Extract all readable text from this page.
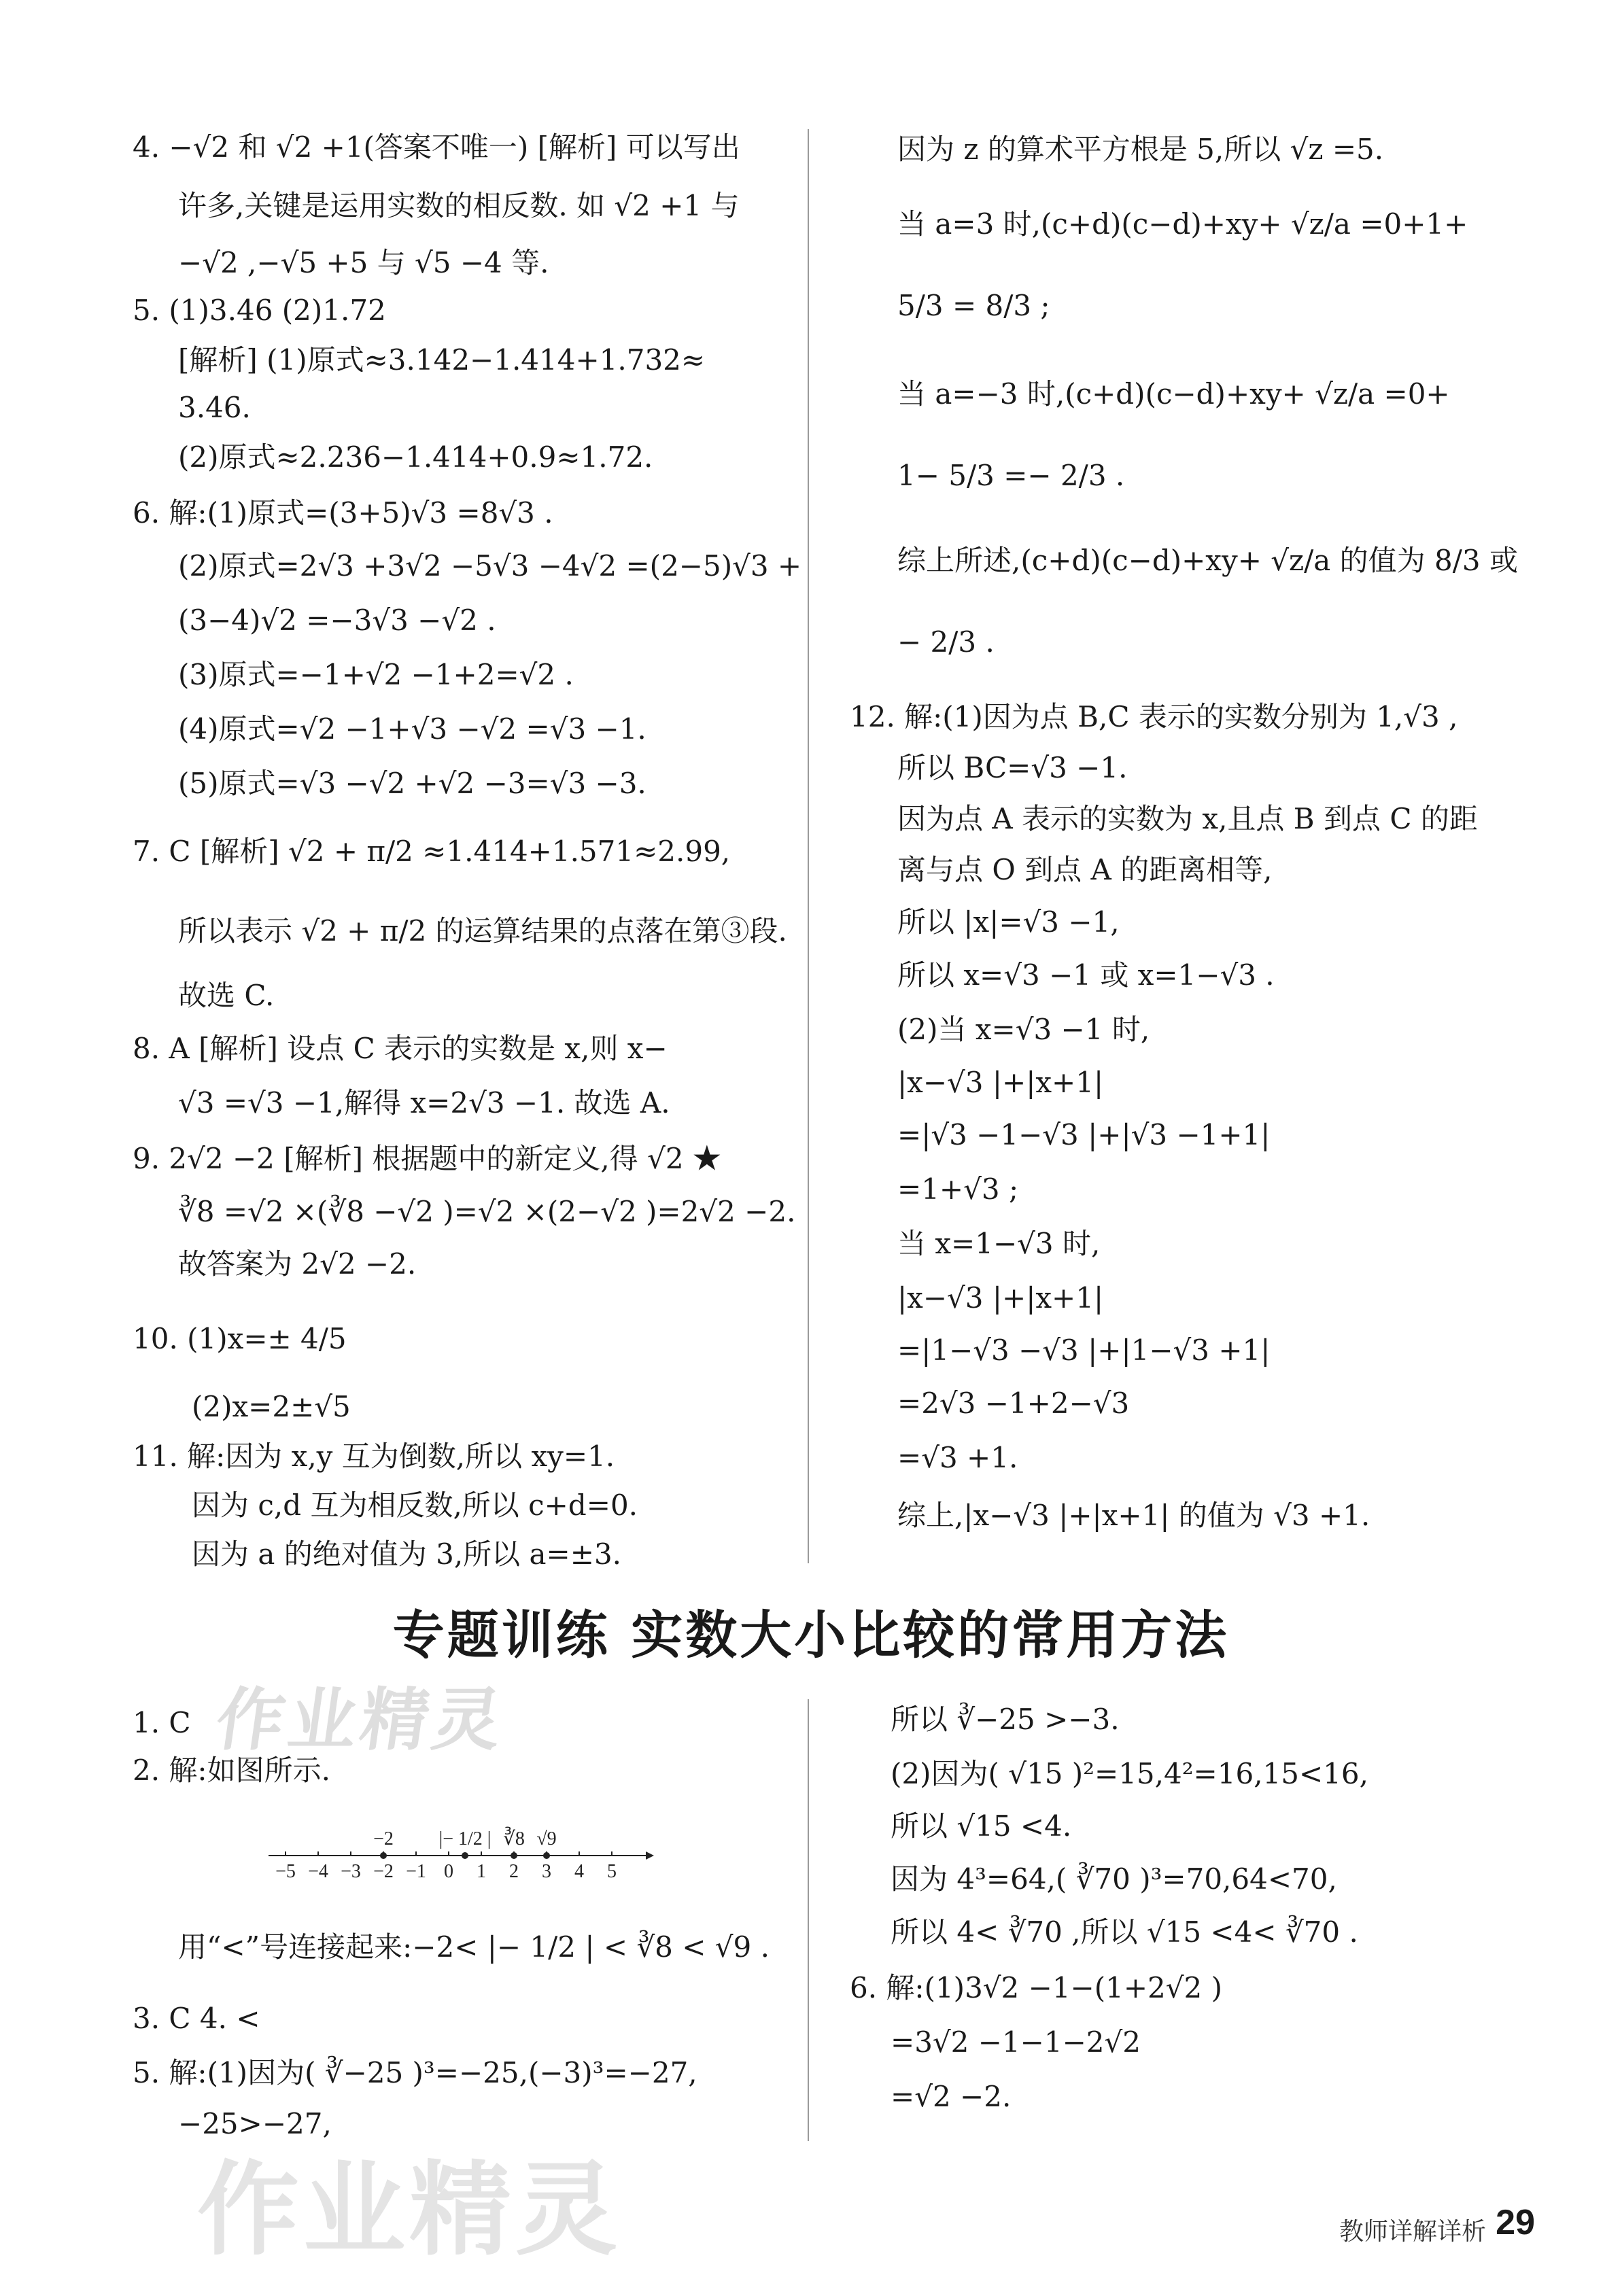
作业精灵
作业精灵
4. −√2 和 √2 +1(答案不唯一) [解析] 可以写出
许多,关键是运用实数的相反数. 如 √2 +1 与
−√2 ,−√5 +5 与 √5 −4 等.
5. (1)3.46 (2)1.72
[解析] (1)原式≈3.142−1.414+1.732≈
3.46.
(2)原式≈2.236−1.414+0.9≈1.72.
6. 解:(1)原式=(3+5)√3 =8√3 .
(2)原式=2√3 +3√2 −5√3 −4√2 =(2−5)√3 +
(3−4)√2 =−3√3 −√2 .
(3)原式=−1+√2 −1+2=√2 .
(4)原式=√2 −1+√3 −√2 =√3 −1.
(5)原式=√3 −√2 +√2 −3=√3 −3.
7. C [解析] √2 + π/2 ≈1.414+1.571≈2.99,
所以表示 √2 + π/2 的运算结果的点落在第③段.
故选 C.
8. A [解析] 设点 C 表示的实数是 x,则 x−
√3 =√3 −1,解得 x=2√3 −1. 故选 A.
9. 2√2 −2 [解析] 根据题中的新定义,得 √2 ★
∛8 =√2 ×(∛8 −√2 )=√2 ×(2−√2 )=2√2 −2.
故答案为 2√2 −2.
10. (1)x=± 4/5
(2)x=2±√5
11. 解:因为 x,y 互为倒数,所以 xy=1.
因为 c,d 互为相反数,所以 c+d=0.
因为 a 的绝对值为 3,所以 a=±3.
因为 z 的算术平方根是 5,所以 √z =5.
当 a=3 时,(c+d)(c−d)+xy+ √z/a =0+1+
5/3 = 8/3 ;
当 a=−3 时,(c+d)(c−d)+xy+ √z/a =0+
1− 5/3 =− 2/3 .
综上所述,(c+d)(c−d)+xy+ √z/a 的值为 8/3 或
− 2/3 .
12. 解:(1)因为点 B,C 表示的实数分别为 1,√3 ,
所以 BC=√3 −1.
因为点 A 表示的实数为 x,且点 B 到点 C 的距
离与点 O 到点 A 的距离相等,
所以 |x|=√3 −1,
所以 x=√3 −1 或 x=1−√3 .
(2)当 x=√3 −1 时,
|x−√3 |+|x+1|
=|√3 −1−√3 |+|√3 −1+1|
=1+√3 ;
当 x=1−√3 时,
|x−√3 |+|x+1|
=|1−√3 −√3 |+|1−√3 +1|
=2√3 −1+2−√3
=√3 +1.
综上,|x−√3 |+|x+1| 的值为 √3 +1.
专题训练 实数大小比较的常用方法
1. C
2. 解:如图所示.
用“<”号连接起来:−2< |− 1/2 | < ∛8 < √9 .
3. C 4. <
5. 解:(1)因为( ∛−25 )³=−25,(−3)³=−27,
−25>−27,
−5 −4 −3 −2 −1 0 1 2 3 4 5
−2 |− 1/2 | ∛8 √9
所以 ∛−25 >−3.
(2)因为( √15 )²=15,4²=16,15<16,
所以 √15 <4.
因为 4³=64,( ∛70 )³=70,64<70,
所以 4< ∛70 ,所以 √15 <4< ∛70 .
6. 解:(1)3√2 −1−(1+2√2 )
=3√2 −1−1−2√2
=√2 −2.
教师详解详析 29
